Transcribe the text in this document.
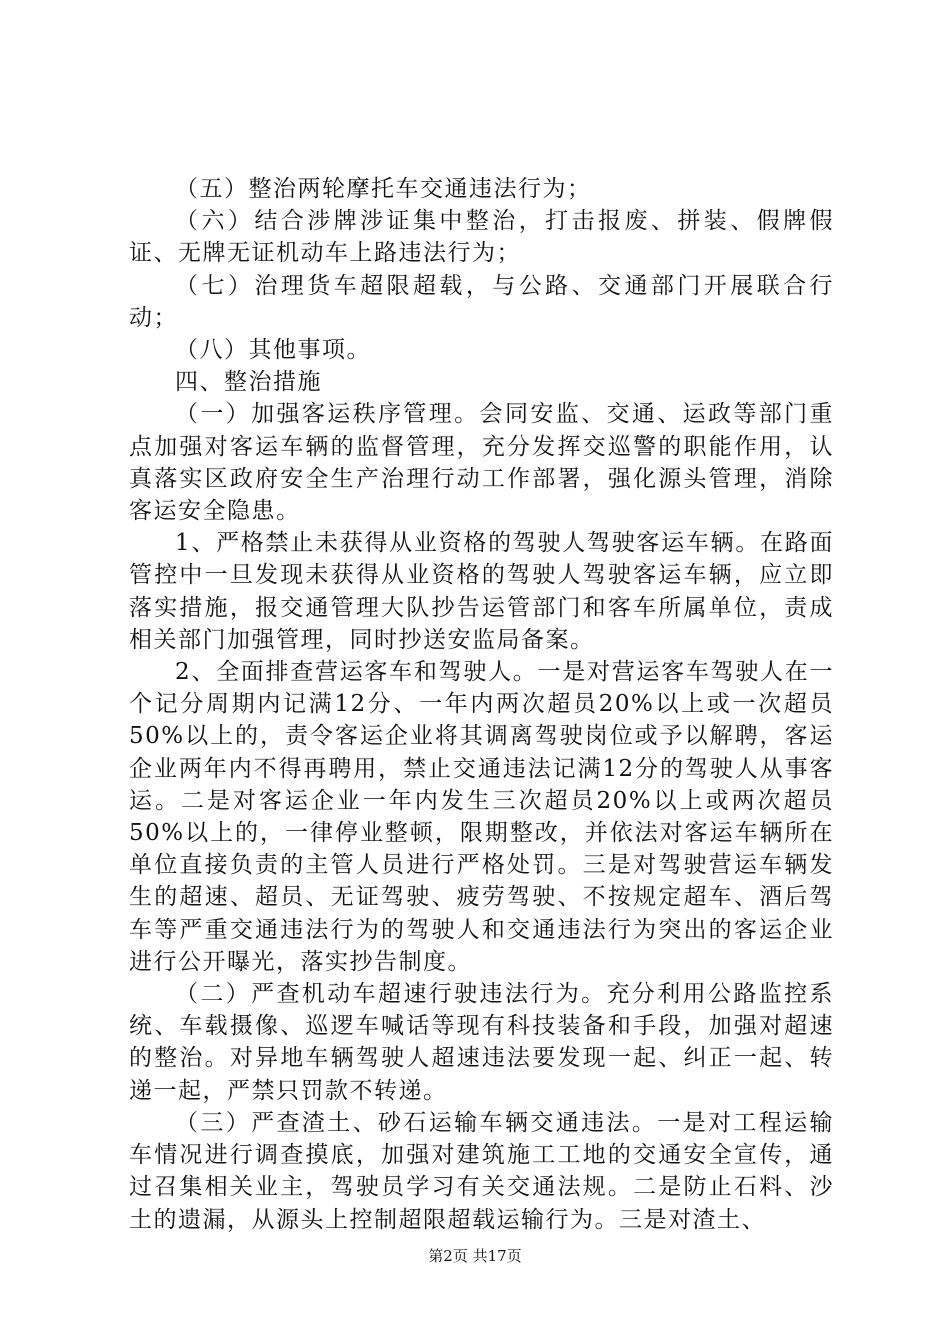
（五）整治两轮摩托车交通违法行为；

（六）结合涉牌涉证集中整治，打击报废、拼装、假牌假证、无牌无证机动车上路违法行为；

（七）治理货车超限超载，与公路、交通部门开展联合行动；

（八）其他事项。

四、整治措施

（一）加强客运秩序管理。会同安监、交通、运政等部门重点加强对客运车辆的监督管理，充分发挥交巡警的职能作用，认真落实区政府安全生产治理行动工作部署，强化源头管理，消除客运安全隐患。

1、严格禁止未获得从业资格的驾驶人驾驶客运车辆。在路面管控中一旦发现未获得从业资格的驾驶人驾驶客运车辆，应立即落实措施，报交通管理大队抄告运管部门和客车所属单位，责成相关部门加强管理，同时抄送安监局备案。

2、全面排查营运客车和驾驶人。一是对营运客车驾驶人在一个记分周期内记满12分、一年内两次超员20%以上或一次超员50%以上的，责令客运企业将其调离驾驶岗位或予以解聘，客运企业两年内不得再聘用，禁止交通违法记满12分的驾驶人从事客运。二是对客运企业一年内发生三次超员20%以上或两次超员50%以上的，一律停业整顿，限期整改，并依法对客运车辆所在单位直接负责的主管人员进行严格处罚。三是对驾驶营运车辆发生的超速、超员、无证驾驶、疲劳驾驶、不按规定超车、酒后驾车等严重交通违法行为的驾驶人和交通违法行为突出的客运企业进行公开曝光，落实抄告制度。

（二）严查机动车超速行驶违法行为。充分利用公路监控系统、车载摄像、巡逻车喊话等现有科技装备和手段，加强对超速的整治。对异地车辆驾驶人超速违法要发现一起、纠正一起、转递一起，严禁只罚款不转递。

（三）严查渣土、砂石运输车辆交通违法。一是对工程运输车情况进行调查摸底，加强对建筑施工工地的交通安全宣传，通过召集相关业主，驾驶员学习有关交通法规。二是防止石料、沙土的遗漏，从源头上控制超限超载运输行为。三是对渣土、

第2页 共17页
